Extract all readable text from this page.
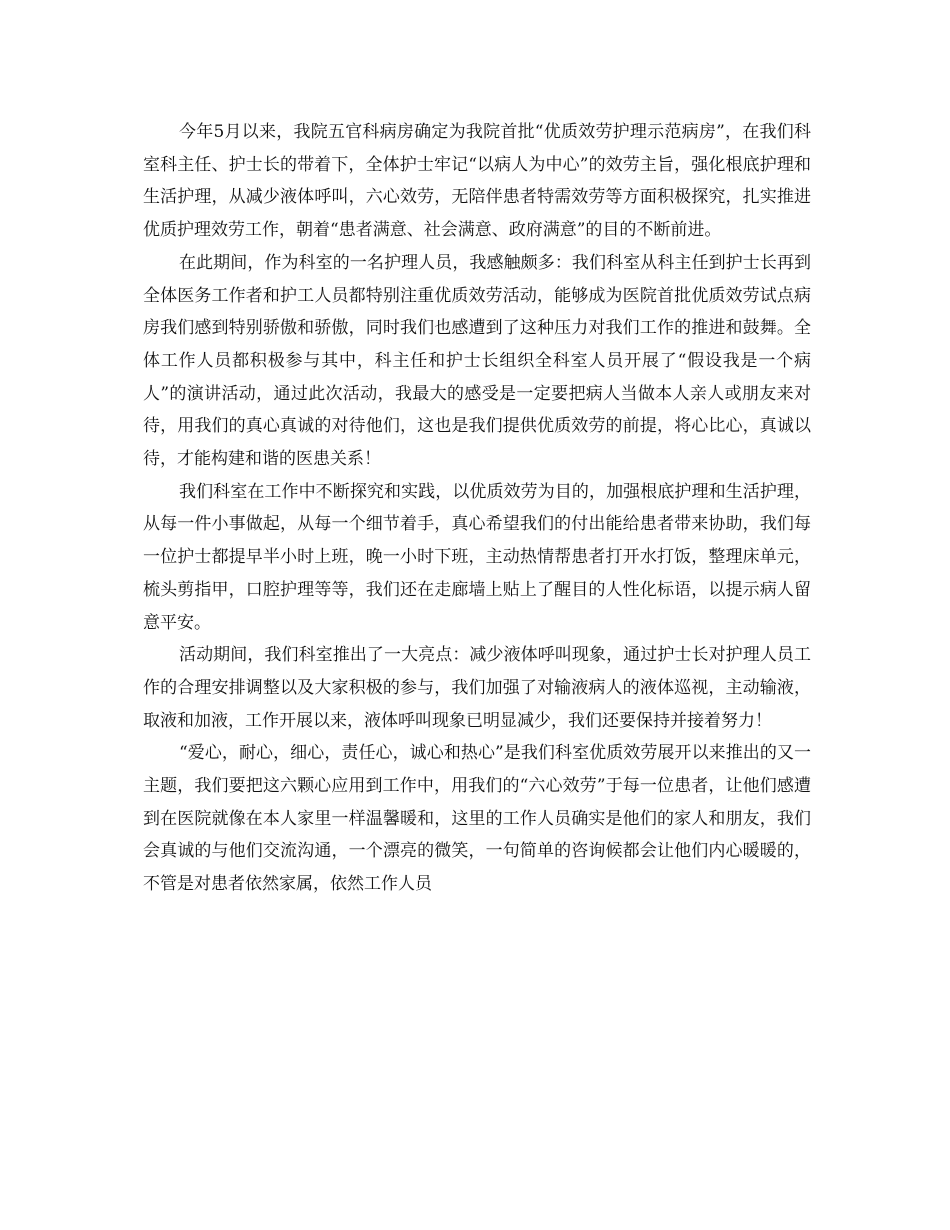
今年5月以来，我院五官科病房确定为我院首批“优质效劳护理示范病房”，在我们科室科主任、护士长的带着下，全体护士牢记“以病人为中心”的效劳主旨，强化根底护理和生活护理，从减少液体呼叫，六心效劳，无陪伴患者特需效劳等方面积极探究，扎实推进优质护理效劳工作，朝着“患者满意、社会满意、政府满意”的目的不断前进。

在此期间，作为科室的一名护理人员，我感触颇多：我们科室从科主任到护士长再到全体医务工作者和护工人员都特别注重优质效劳活动，能够成为医院首批优质效劳试点病房我们感到特别骄傲和骄傲，同时我们也感遭到了这种压力对我们工作的推进和鼓舞。全体工作人员都积极参与其中，科主任和护士长组织全科室人员开展了“假设我是一个病人”的演讲活动，通过此次活动，我最大的感受是一定要把病人当做本人亲人或朋友来对待，用我们的真心真诚的对待他们，这也是我们提供优质效劳的前提，将心比心，真诚以待，才能构建和谐的医患关系！

我们科室在工作中不断探究和实践，以优质效劳为目的，加强根底护理和生活护理，从每一件小事做起，从每一个细节着手，真心希望我们的付出能给患者带来协助，我们每一位护士都提早半小时上班，晚一小时下班，主动热情帮患者打开水打饭，整理床单元，梳头剪指甲，口腔护理等等，我们还在走廊墙上贴上了醒目的人性化标语，以提示病人留意平安。

活动期间，我们科室推出了一大亮点：减少液体呼叫现象，通过护士长对护理人员工作的合理安排调整以及大家积极的参与，我们加强了对输液病人的液体巡视，主动输液，取液和加液，工作开展以来，液体呼叫现象已明显减少，我们还要保持并接着努力！

“爱心，耐心，细心，责任心，诚心和热心”是我们科室优质效劳展开以来推出的又一主题，我们要把这六颗心应用到工作中，用我们的“六心效劳”于每一位患者，让他们感遭到在医院就像在本人家里一样温馨暖和，这里的工作人员确实是他们的家人和朋友，我们会真诚的与他们交流沟通，一个漂亮的微笑，一句简单的咨询候都会让他们内心暖暖的，不管是对患者依然家属，依然工作人员
